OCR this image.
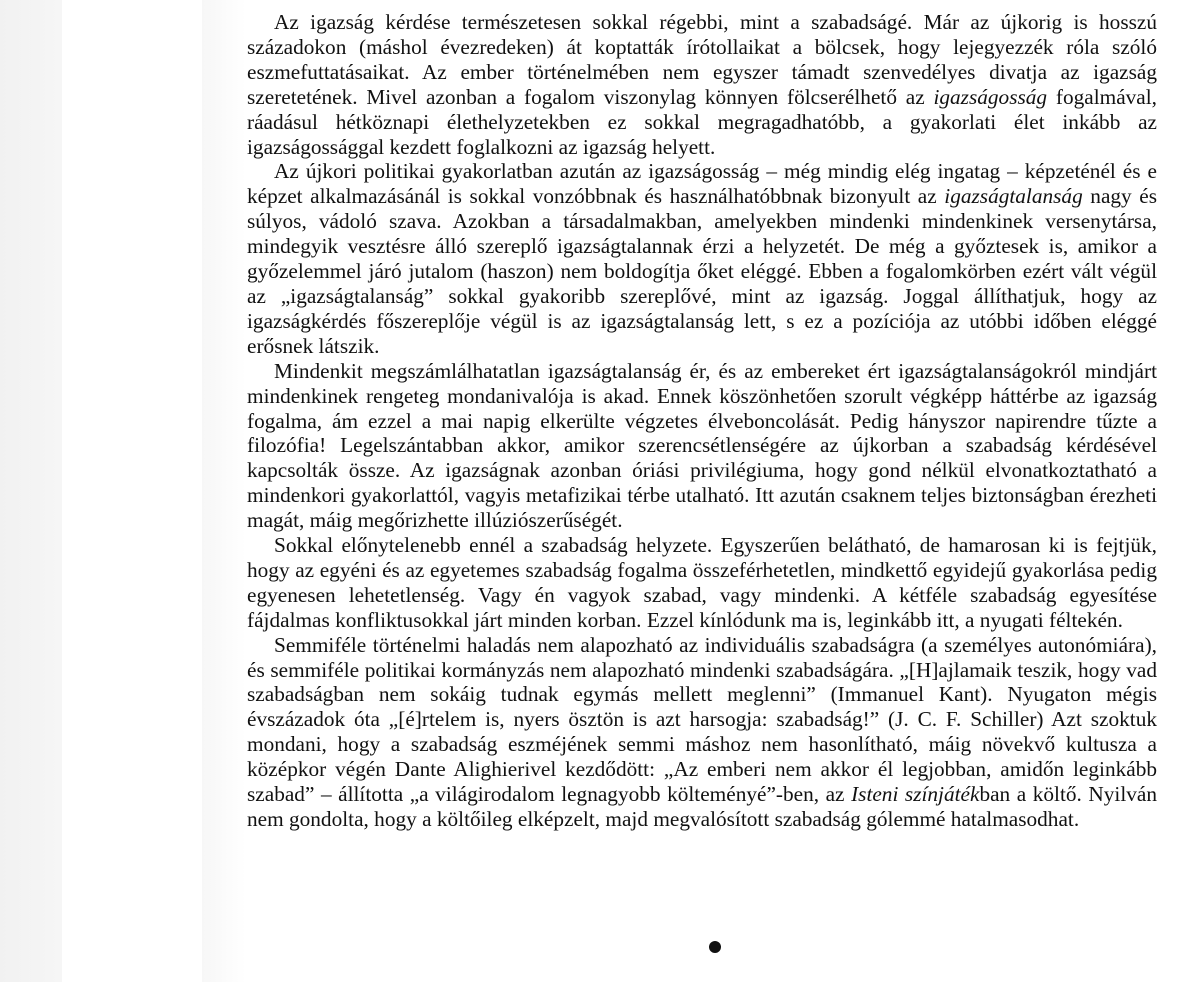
Az igazság kérdése természetesen sokkal régebbi, mint a szabadságé. Már az újkorig is hosszú századokon (máshol évezredeken) át koptatták írótollaikat a bölcsek, hogy lejegyezzék róla szóló eszmefuttatásaikat. Az ember történelmében nem egyszer támadt szenvedélyes divatja az igazság szeretetének. Mivel azonban a fogalom viszonylag könnyen fölcserélhető az igazságosság fogalmával, ráadásul hétköznapi élethelyzetekben ez sokkal megragadhatóbb, a gyakorlati élet inkább az igazságossággal kezdett foglalkozni az igazság helyett.

Az újkori politikai gyakorlatban azután az igazságosság – még mindig elég ingatag – képzeténél és e képzet alkalmazásánál is sokkal vonzóbbnak és használhatóbbnak bizonyult az igazságtalanság nagy és súlyos, vádoló szava. Azokban a társadalmakban, amelyekben mindenki mindenkinek versenytársa, mindegyik vesztésre álló szereplő igazságtalannak érzi a helyzetét. De még a győztesek is, amikor a győzelemmel járó jutalom (haszon) nem boldogítja őket eléggé. Ebben a fogalomkörben ezért vált végül az „igazságtalanság” sokkal gyakoribb szereplővé, mint az igazság. Joggal állíthatjuk, hogy az igazságkérdés főszereplője végül is az igazságtalanság lett, s ez a pozíciója az utóbbi időben eléggé erősnek látszik.

Mindenkit megszámlálhatatlan igazságtalanság ér, és az embereket ért igazságtalanságokról mindjárt mindenkinek rengeteg mondanivalója is akad. Ennek köszönhetően szorult végképp háttérbe az igazság fogalma, ám ezzel a mai napig elkerülte végzetes élveboncolását. Pedig hányszor napirendre tűzte a filozófia! Legelszántabban akkor, amikor szerencsétlenségére az újkorban a szabadság kérdésével kapcsolták össze. Az igazságnak azonban óriási privilégiuma, hogy gond nélkül elvonatkoztatható a mindenkori gyakorlattól, vagyis metafizikai térbe utalható. Itt azután csaknem teljes biztonságban érezheti magát, máig megőrizhette illúziószerűségét.

Sokkal előnytelenebb ennél a szabadság helyzete. Egyszerűen belátható, de hamarosan ki is fejtjük, hogy az egyéni és az egyetemes szabadság fogalma összeférhetetlen, mindkettő egyidejű gyakorlása pedig egyenesen lehetetlenség. Vagy én vagyok szabad, vagy mindenki. A kétféle szabadság egyesítése fájdalmas konfliktusokkal járt minden korban. Ezzel kínlódunk ma is, leginkább itt, a nyugati féltekén.

Semmiféle történelmi haladás nem alapozható az individuális szabadságra (a személyes autonómiára), és semmiféle politikai kormányzás nem alapozható mindenki szabadságára. „[H]ajlamaik teszik, hogy vad szabadságban nem sokáig tudnak egymás mellett meglenni” (Immanuel Kant). Nyugaton mégis évszázadok óta „[é]rtelem is, nyers ösztön is azt harsogja: szabadság!” (J. C. F. Schiller) Azt szoktuk mondani, hogy a szabadság eszméjének semmi máshoz nem hasonlítható, máig növekvő kultusza a középkor végén Dante Alighierivel kezdődött: „Az emberi nem akkor él legjobban, amidőn leginkább szabad” – állította „a világirodalom legnagyobb költeményé”-ben, az Isteni színjátékban a költő. Nyilván nem gondolta, hogy a költőileg elképzelt, majd megvalósított szabadság gólemmé hatalmasodhat.
